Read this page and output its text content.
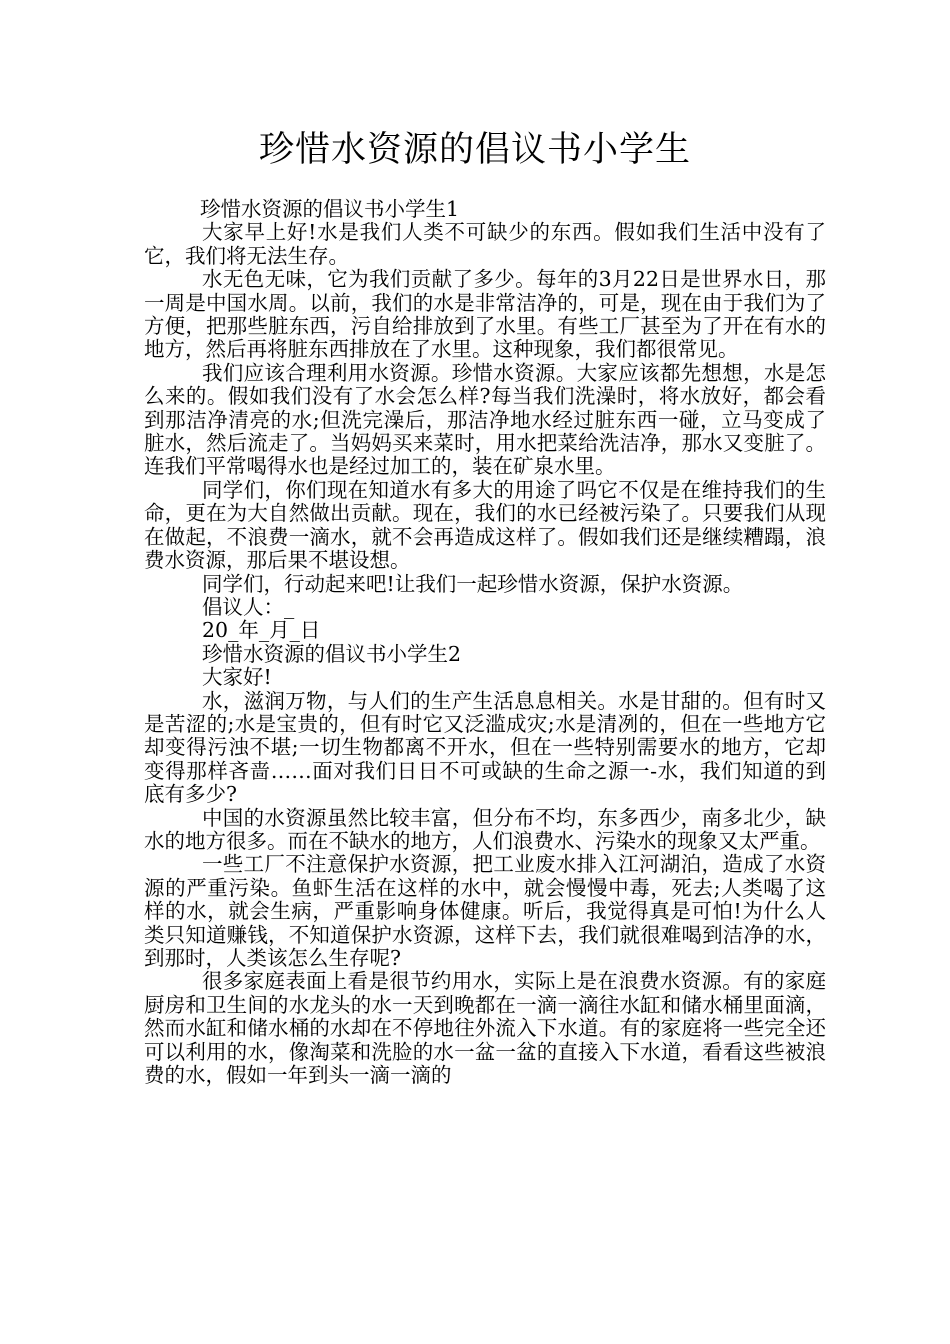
珍惜水资源的倡议书小学生

珍惜水资源的倡议书小学生1

大家早上好!水是我们人类不可缺少的东西。假如我们生活中没有了它，我们将无法生存。

水无色无味，它为我们贡献了多少。每年的3月22日是世界水日，那一周是中国水周。以前，我们的水是非常洁净的，可是，现在由于我们为了方便，把那些脏东西，污自给排放到了水里。有些工厂甚至为了开在有水的地方，然后再将脏东西排放在了水里。这种现象，我们都很常见。

我们应该合理利用水资源。珍惜水资源。大家应该都先想想，水是怎么来的。假如我们没有了水会怎么样?每当我们洗澡时，将水放好，都会看到那洁净清亮的水;但洗完澡后，那洁净地水经过脏东西一碰，立马变成了脏水，然后流走了。当妈妈买来菜时，用水把菜给洗洁净，那水又变脏了。连我们平常喝得水也是经过加工的，装在矿泉水里。

同学们，你们现在知道水有多大的用途了吗它不仅是在维持我们的生命，更在为大自然做出贡献。现在，我们的水已经被污染了。只要我们从现在做起，不浪费一滴水，就不会再造成这样了。假如我们还是继续糟蹋，浪费水资源，那后果不堪设想。

同学们，行动起来吧!让我们一起珍惜水资源，保护水资源。

倡议人：_

20_年_月_日

珍惜水资源的倡议书小学生2

大家好!

水，滋润万物，与人们的生产生活息息相关。水是甘甜的。但有时又是苦涩的;水是宝贵的，但有时它又泛滥成灾;水是清冽的，但在一些地方它却变得污浊不堪;一切生物都离不开水，但在一些特别需要水的地方，它却变得那样吝啬……面对我们日日不可或缺的生命之源一-水，我们知道的到底有多少?

中国的水资源虽然比较丰富，但分布不均，东多西少，南多北少，缺水的地方很多。而在不缺水的地方，人们浪费水、污染水的现象又太严重。

一些工厂不注意保护水资源，把工业废水排入江河湖泊，造成了水资源的严重污染。鱼虾生活在这样的水中，就会慢慢中毒，死去;人类喝了这样的水，就会生病，严重影响身体健康。听后，我觉得真是可怕!为什么人类只知道赚钱，不知道保护水资源，这样下去，我们就很难喝到洁净的水，到那时，人类该怎么生存呢?

很多家庭表面上看是很节约用水，实际上是在浪费水资源。有的家庭厨房和卫生间的水龙头的水一天到晚都在一滴一滴往水缸和储水桶里面滴，然而水缸和储水桶的水却在不停地往外流入下水道。有的家庭将一些完全还可以利用的水，像淘菜和洗脸的水一盆一盆的直接入下水道，看看这些被浪费的水，假如一年到头一滴一滴的
